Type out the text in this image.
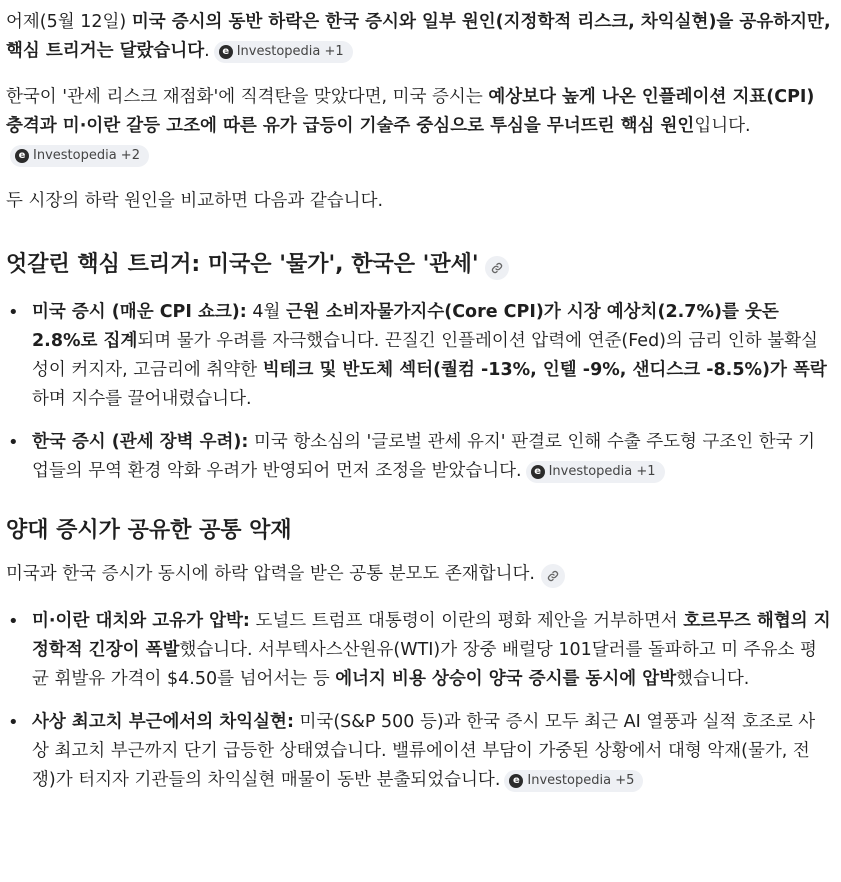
어제(5월 12일) 미국 증시의 동반 하락은 한국 증시와 일부 원인(지정학적 리스크, 차익실현)을 공유하지만, 핵심 트리거는 달랐습니다.	e Investopedia +1

한국이 '관세 리스크 재점화'에 직격탄을 맞았다면, 미국 증시는 예상보다 높게 나온 인플레이션 지표(CPI) 충격과 미·이란 갈등 고조에 따른 유가 급등이 기술주 중심으로 투심을 무너뜨린 핵심 원인입니다.
e Investopedia +2

두 시장의 하락 원인을 비교하면 다음과 같습니다.

엇갈린 핵심 트리거: 미국은 '물가', 한국은 '관세'
• 미국 증시 (매운 CPI 쇼크): 4월 근원 소비자물가지수(Core CPI)가 시장 예상치(2.7%)를 웃돈 2.8%로 집계되며 물가 우려를 자극했습니다. 끈질긴 인플레이션 압력에 연준(Fed)의 금리 인하 불확실성이 커지자, 고금리에 취약한 빅테크 및 반도체 섹터(퀄컴 -13%, 인텔 -9%, 샌디스크 -8.5%)가 폭락하며 지수를 끌어내렸습니다.
• 한국 증시 (관세 장벽 우려): 미국 항소심의 '글로벌 관세 유지' 판결로 인해 수출 주도형 구조인 한국 기업들의 무역 환경 악화 우려가 반영되어 먼저 조정을 받았습니다.	e Investopedia +1
양대 증시가 공유한 공통 악재

미국과 한국 증시가 동시에 하락 압력을 받은 공통 분모도 존재합니다.

• 미·이란 대치와 고유가 압박: 도널드 트럼프 대통령이 이란의 평화 제안을 거부하면서 호르무즈 해협의 지정학적 긴장이 폭발했습니다. 서부텍사스산원유(WTI)가 장중 배럴당 101달러를 돌파하고 미 주유소 평균 휘발유 가격이 $4.50를 넘어서는 등 에너지 비용 상승이 양국 증시를 동시에 압박했습니다.
• 사상 최고치 부근에서의 차익실현: 미국(S&P 500 등)과 한국 증시 모두 최근 AI 열풍과 실적 호조로 사상 최고치 부근까지 단기 급등한 상태였습니다. 밸류에이션 부담이 가중된 상황에서 대형 악재(물가, 전쟁)가 터지자 기관들의 차익실현 매물이 동반 분출되었습니다.	e Investopedia +5
